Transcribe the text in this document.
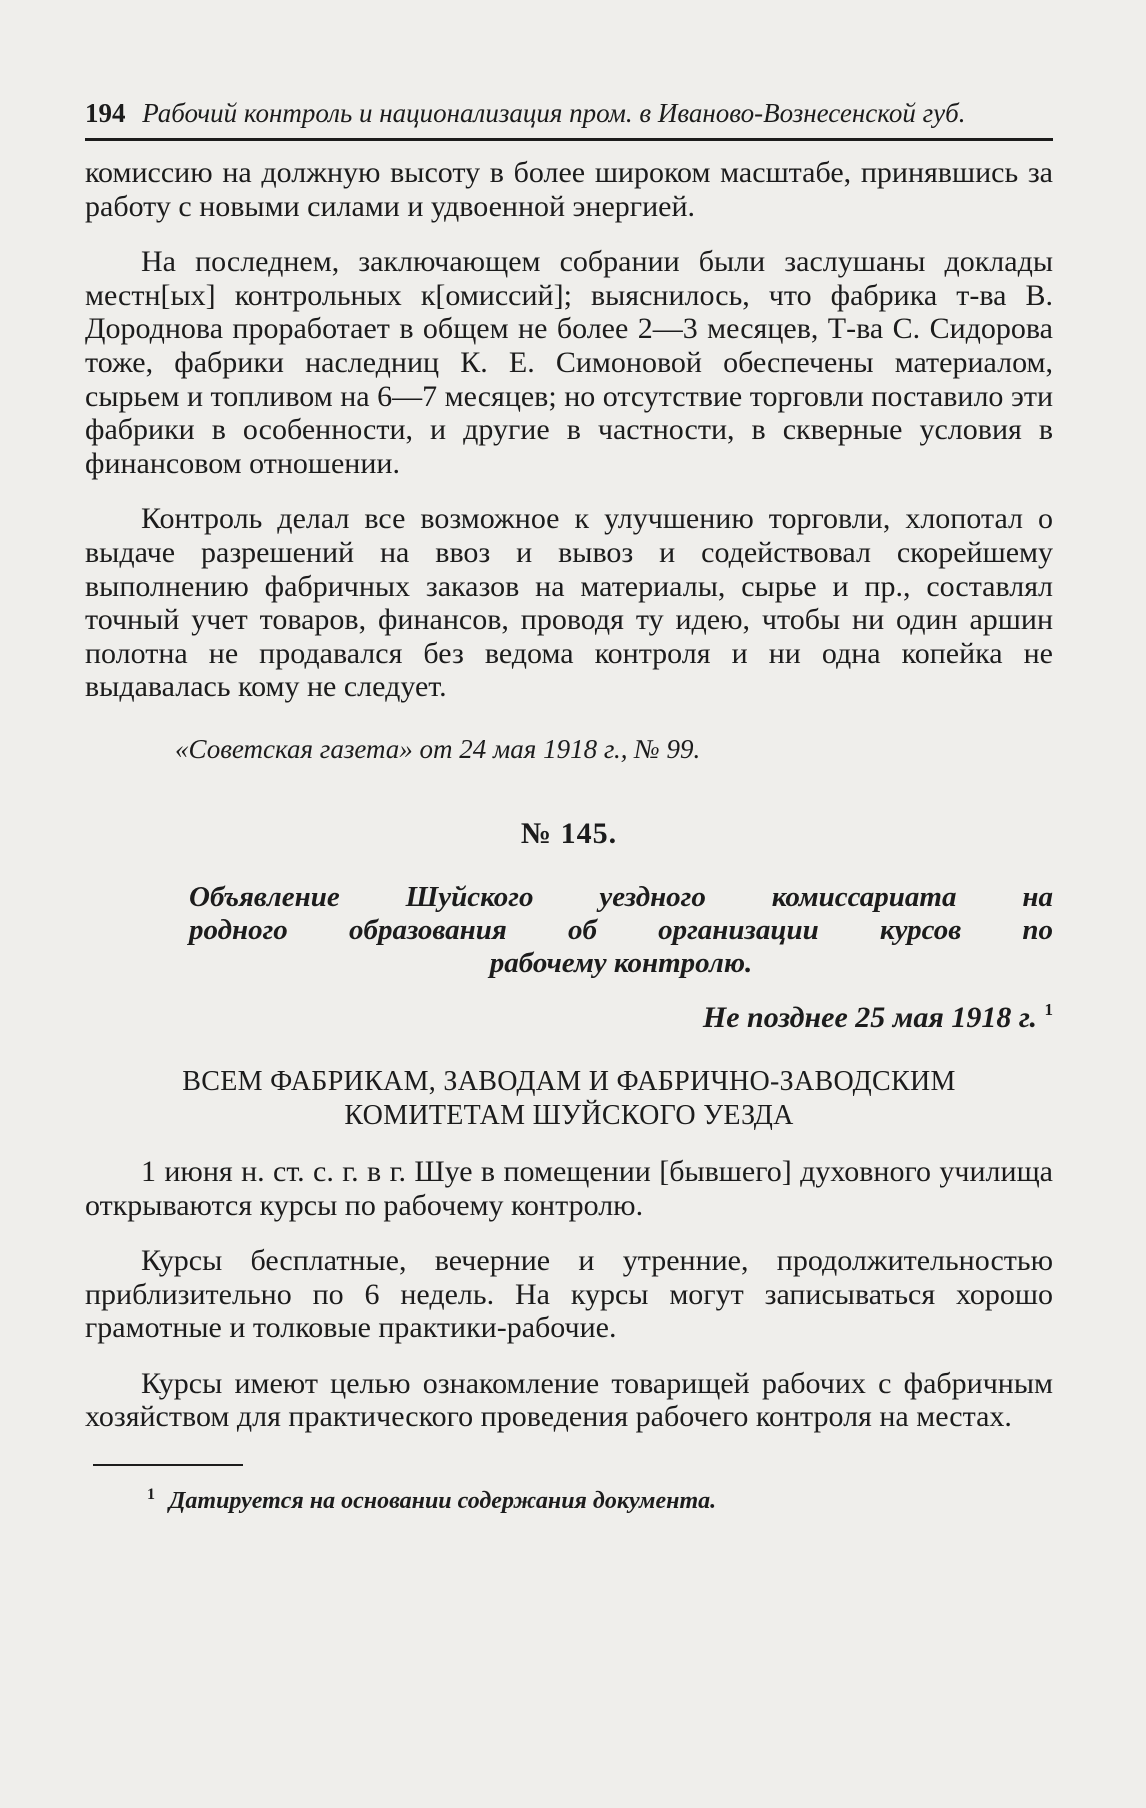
194 Рабочий контроль и национализация пром. в Иваново-Вознесенской губ.

комиссию на должную высоту в более широком масштабе, принявшись за работу с новыми силами и удвоенной энергией.

На последнем, заключающем собрании были заслушаны доклады местн[ых] контрольных к[омиссий]; выяснилось, что фабрика т-ва В. Дороднова проработает в общем не более 2—3 месяцев, Т-ва С. Сидорова тоже, фабрики наследниц К. Е. Симоновой обеспечены материалом, сырьем и топливом на 6—7 месяцев; но отсутствие торговли поставило эти фабрики в особенности, и другие в частности, в скверные условия в финансовом отношении.

Контроль делал все возможное к улучшению торговли, хлопотал о выдаче разрешений на ввоз и вывоз и содействовал скорейшему выполнению фабричных заказов на материалы, сырье и пр., составлял точный учет товаров, финансов, проводя ту идею, чтобы ни один аршин полотна не продавался без ведома контроля и ни одна копейка не выдавалась кому не следует.

«Советская газета» от 24 мая 1918 г., № 99.
№ 145.
Объявление Шуйского уездного комиссариата на
родного образования об организации курсов по
рабочему контролю.
Не позднее 25 мая 1918 г. $^1$
ВСЕМ ФАБРИКАМ, ЗАВОДАМ И ФАБРИЧНО-ЗАВОДСКИМ
КОМИТЕТАМ ШУЙСКОГО УЕЗДА

1 июня н. ст. с. г. в г. Шуе в помещении [бывшего] духовного училища открываются курсы по рабочему контролю.

Курсы бесплатные, вечерние и утренние, продолжительностью приблизительно по 6 недель. На курсы могут записываться хорошо грамотные и толковые практики-рабочие.

Курсы имеют целью ознакомление товарищей рабочих с фабричным хозяйством для практического проведения рабочего контроля на местах.

$^1$ Датируется на основании содержания документа.
